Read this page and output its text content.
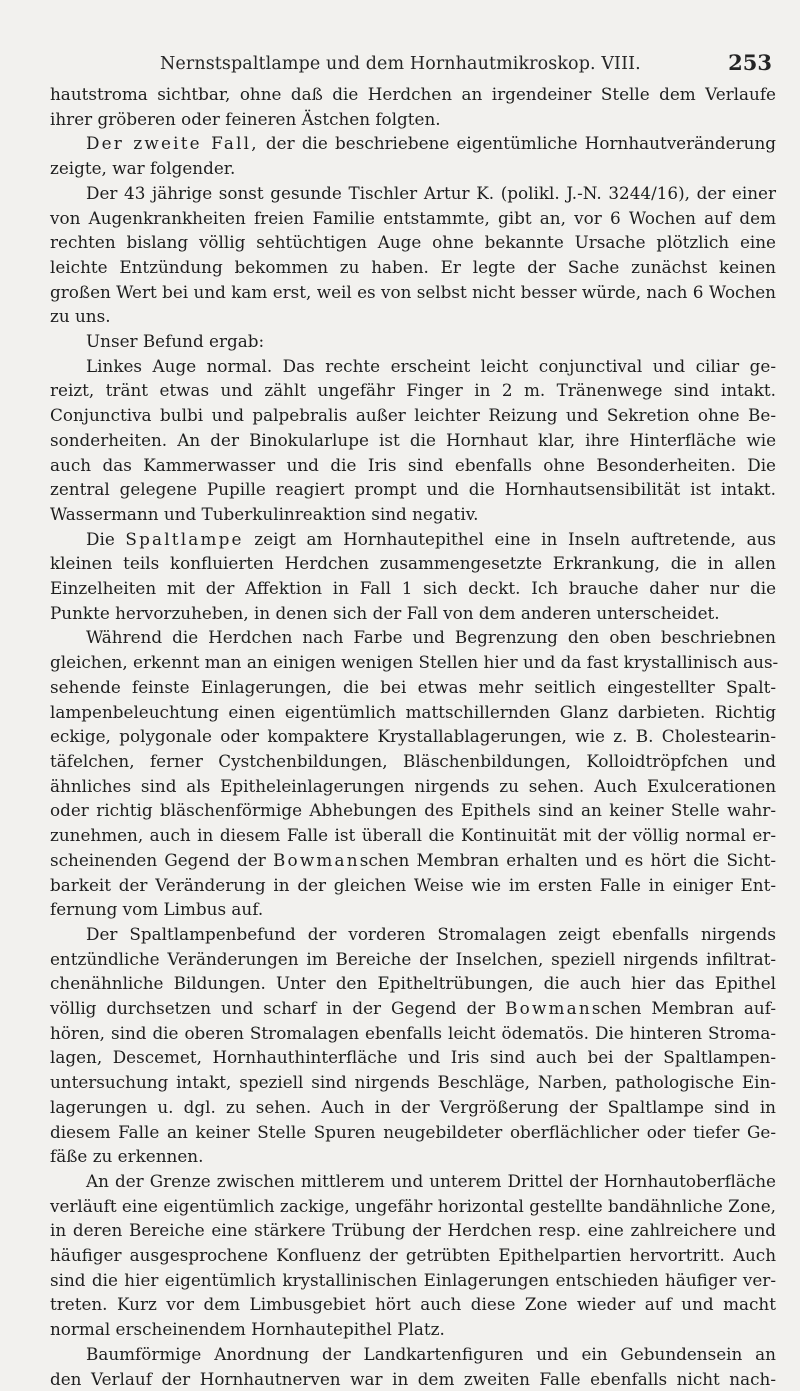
Nernstspaltlampe und dem Hornhautmikroskop. VIII.	253

hautstroma sichtbar, ohne daß die Herdchen an irgendeiner Stelle dem Verlaufe
ihrer gröberen oder feineren Ästchen folgten.

Der zweite Fall, der die beschriebene eigentümliche Hornhautveränderung
zeigte, war folgender.

Der 43 jährige sonst gesunde Tischler Artur K. (polikl. J.-N. 3244/16), der einer
von Augenkrankheiten freien Familie entstammte, gibt an, vor 6 Wochen auf dem
rechten bislang völlig sehtüchtigen Auge ohne bekannte Ursache plötzlich eine
leichte Entzündung bekommen zu haben. Er legte der Sache zunächst keinen
großen Wert bei und kam erst, weil es von selbst nicht besser würde, nach 6 Wochen
zu uns.

Unser Befund ergab:

Linkes Auge normal. Das rechte erscheint leicht conjunctival und ciliar ge-
reizt, tränt etwas und zählt ungefähr Finger in 2 m. Tränenwege sind intakt.
Conjunctiva bulbi und palpebralis außer leichter Reizung und Sekretion ohne Be-
sonderheiten. An der Binokularlupe ist die Hornhaut klar, ihre Hinterfläche wie
auch das Kammerwasser und die Iris sind ebenfalls ohne Besonderheiten. Die
zentral gelegene Pupille reagiert prompt und die Hornhautsensibilität ist intakt.
Wassermann und Tuberkulinreaktion sind negativ.

Die Spaltlampe zeigt am Hornhautepithel eine in Inseln auftretende, aus
kleinen teils konfluierten Herdchen zusammengesetzte Erkrankung, die in allen
Einzelheiten mit der Affektion in Fall 1 sich deckt. Ich brauche daher nur die
Punkte hervorzuheben, in denen sich der Fall von dem anderen unterscheidet.

Während die Herdchen nach Farbe und Begrenzung den oben beschriebnen
gleichen, erkennt man an einigen wenigen Stellen hier und da fast krystallinisch aus-
sehende feinste Einlagerungen, die bei etwas mehr seitlich eingestellter Spalt-
lampenbeleuchtung einen eigentümlich mattschillernden Glanz darbieten. Richtig
eckige, polygonale oder kompaktere Krystallablagerungen, wie z. B. Cholestearin-
täfelchen, ferner Cystchenbildungen, Bläschenbildungen, Kolloidtröpfchen und
ähnliches sind als Epitheleinlagerungen nirgends zu sehen. Auch Exulcerationen
oder richtig bläschenförmige Abhebungen des Epithels sind an keiner Stelle wahr-
zunehmen, auch in diesem Falle ist überall die Kontinuität mit der völlig normal er-
scheinenden Gegend der Bowmanschen Membran erhalten und es hört die Sicht-
barkeit der Veränderung in der gleichen Weise wie im ersten Falle in einiger Ent-
fernung vom Limbus auf.

Der Spaltlampenbefund der vorderen Stromalagen zeigt ebenfalls nirgends
entzündliche Veränderungen im Bereiche der Inselchen, speziell nirgends infiltrat-
chenähnliche Bildungen. Unter den Epitheltrübungen, die auch hier das Epithel
völlig durchsetzen und scharf in der Gegend der Bowmanschen Membran auf-
hören, sind die oberen Stromalagen ebenfalls leicht ödematös. Die hinteren Stroma-
lagen, Descemet, Hornhauthinterfläche und Iris sind auch bei der Spaltlampen-
untersuchung intakt, speziell sind nirgends Beschläge, Narben, pathologische Ein-
lagerungen u. dgl. zu sehen. Auch in der Vergrößerung der Spaltlampe sind in
diesem Falle an keiner Stelle Spuren neugebildeter oberflächlicher oder tiefer Ge-
fäße zu erkennen.

An der Grenze zwischen mittlerem und unterem Drittel der Hornhautoberfläche
verläuft eine eigentümlich zackige, ungefähr horizontal gestellte bandähnliche Zone,
in deren Bereiche eine stärkere Trübung der Herdchen resp. eine zahlreichere und
häufiger ausgesprochene Konfluenz der getrübten Epithelpartien hervortritt. Auch
sind die hier eigentümlich krystallinischen Einlagerungen entschieden häufiger ver-
treten. Kurz vor dem Limbusgebiet hört auch diese Zone wieder auf und macht
normal erscheinendem Hornhautepithel Platz.

Baumförmige Anordnung der Landkartenfiguren und ein Gebundensein an
den Verlauf der Hornhautnerven war in dem zweiten Falle ebenfalls nicht nach-
